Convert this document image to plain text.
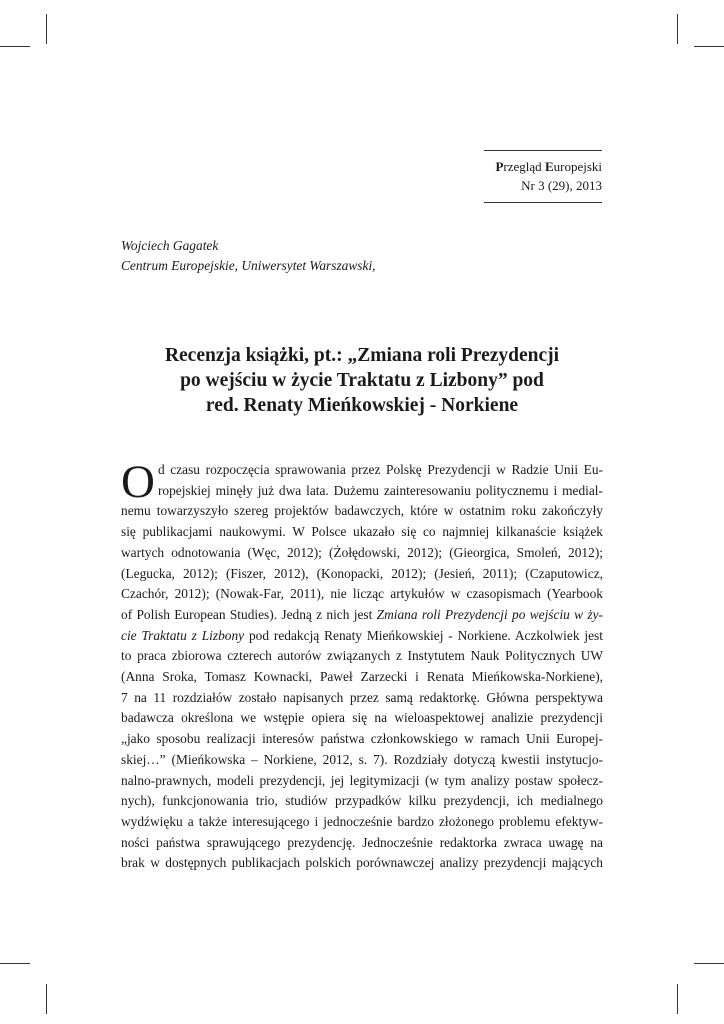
Przegląd Europejski
Nr 3 (29), 2013
Wojciech Gagatek
Centrum Europejskie, Uniwersytet Warszawski,
Recenzja książki, pt.: „Zmiana roli Prezydencji
po wejściu w życie Traktatu z Lizbony” pod
red. Renaty Mieńkowskiej - Norkiene
O d czasu rozpoczęcia sprawowania przez Polskę Prezydencji w Radzie Unii Eu-
ropejskiej minęły już dwa lata. Dużemu zainteresowaniu politycznemu i medial-
nemu towarzyszyło szereg projektów badawczych, które w ostatnim roku zakończyły
się publikacjami naukowymi. W Polsce ukazało się co najmniej kilkanaście książek
wartych odnotowania (Węc, 2012); (Żołędowski, 2012); (Gieorgica, Smoleń, 2012);
(Legucka, 2012); (Fiszer, 2012), (Konopacki, 2012); (Jesień, 2011); (Czaputowicz,
Czachór, 2012); (Nowak-Far, 2011), nie licząc artykułów w czasopismach (Yearbook
of Polish European Studies). Jedną z nich jest Zmiana roli Prezydencji po wejściu w ży-
cie Traktatu z Lizbony pod redakcją Renaty Mieńkowskiej - Norkiene. Aczkolwiek jest
to praca zbiorowa czterech autorów związanych z Instytutem Nauk Politycznych UW
(Anna Sroka, Tomasz Kownacki, Paweł Zarzecki i Renata Mieńkowska-Norkiene),
7 na 11 rozdziałów zostało napisanych przez samą redaktorkę. Główna perspektywa
badawcza określona we wstępie opiera się na wieloaspektowej analizie prezydencji
„jako sposobu realizacji interesów państwa członkowskiego w ramach Unii Europej-
skiej…” (Mieńkowska – Norkiene, 2012, s. 7). Rozdziały dotyczą kwestii instytucjo-
nalno-prawnych, modeli prezydencji, jej legitymizacji (w tym analizy postaw społecz-
nych), funkcjonowania trio, studiów przypadków kilku prezydencji, ich medialnego
wydźwięku a także interesującego i jednocześnie bardzo złożonego problemu efektyw-
ności państwa sprawującego prezydencję. Jednocześnie redaktorka zwraca uwagę na
brak w dostępnych publikacjach polskich porównawczej analizy prezydencji mających
